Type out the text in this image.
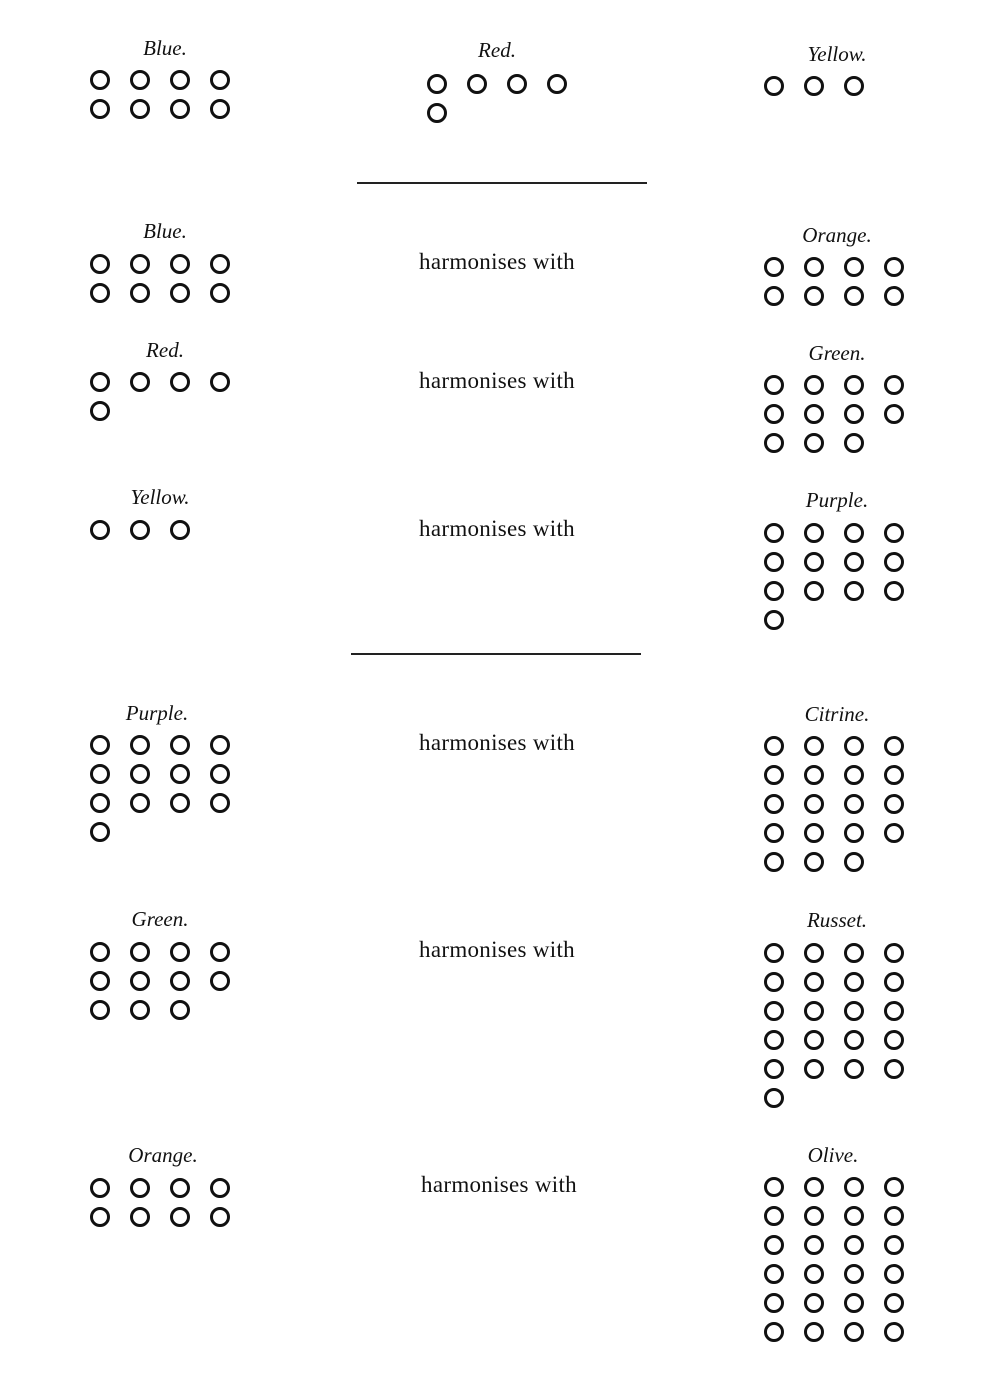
Blue.	Red.	Yellow.
Blue.
harmonises with
Orange.
Red.
harmonises with
Green.
Yellow.
harmonises with
Purple.
Purple.
harmonises with
Citrine.
Green.
harmonises with
Russet.
Orange.
harmonises with
Olive.
